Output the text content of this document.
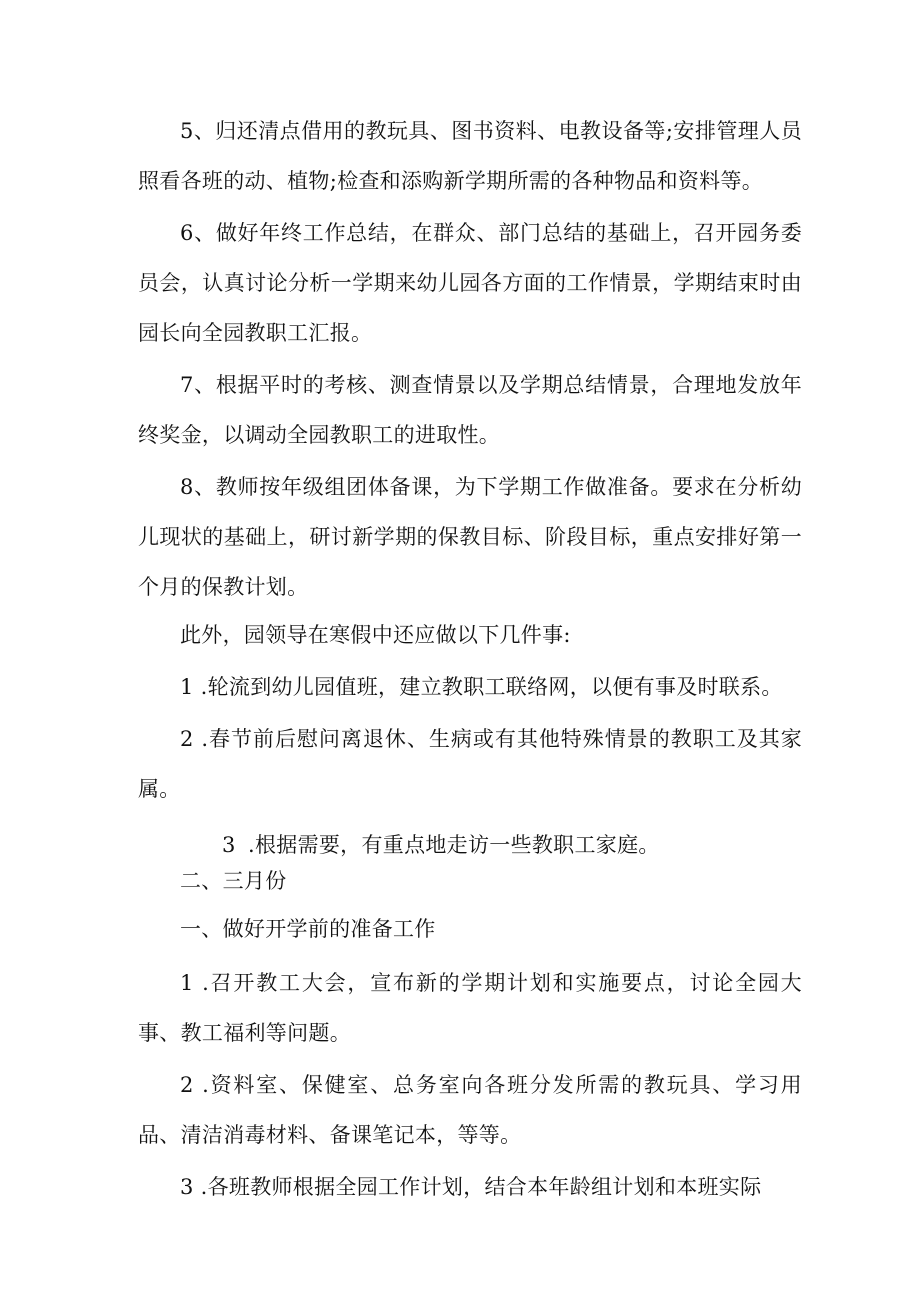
5、归还清点借用的教玩具、图书资料、电教设备等;安排管理人员照看各班的动、植物;检查和添购新学期所需的各种物品和资料等。

6、做好年终工作总结，在群众、部门总结的基础上，召开园务委员会，认真讨论分析一学期来幼儿园各方面的工作情景，学期结束时由园长向全园教职工汇报。

7、根据平时的考核、测查情景以及学期总结情景，合理地发放年终奖金，以调动全园教职工的进取性。

8、教师按年级组团体备课，为下学期工作做准备。要求在分析幼儿现状的基础上，研讨新学期的保教目标、阶段目标，重点安排好第一个月的保教计划。

此外，园领导在寒假中还应做以下几件事:

1 .轮流到幼儿园值班，建立教职工联络网，以便有事及时联系。

2 .春节前后慰问离退休、生病或有其他特殊情景的教职工及其家属。

3 .根据需要，有重点地走访一些教职工家庭。

二、三月份

一、做好开学前的准备工作

1 .召开教工大会，宣布新的学期计划和实施要点，讨论全园大事、教工福利等问题。

2 .资料室、保健室、总务室向各班分发所需的教玩具、学习用品、清洁消毒材料、备课笔记本，等等。

3 .各班教师根据全园工作计划，结合本年龄组计划和本班实际
